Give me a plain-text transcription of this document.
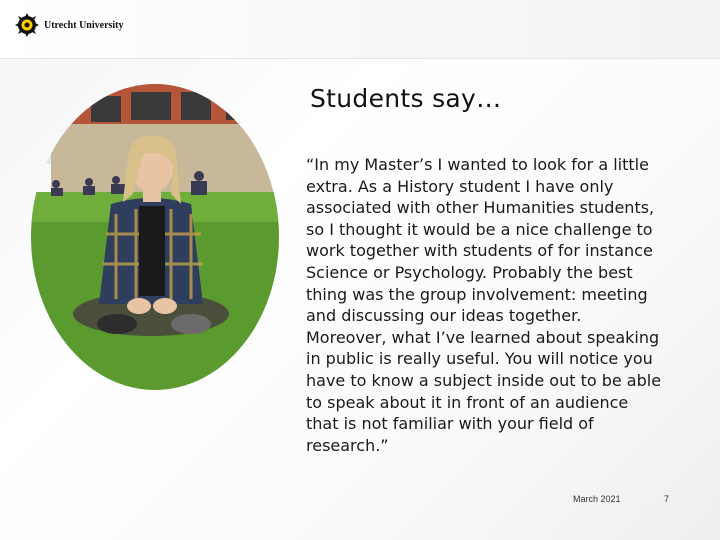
Utrecht University
Students say…
“In my Master’s I wanted to look for a little extra. As a History student I have only associated with other Humanities students, so I thought it would be a nice challenge to work together with students of for instance Science or Psychology. Probably the best thing was the group involvement: meeting and discussing our ideas together. Moreover, what I’ve learned about speaking in public is really useful. You will notice you have to know a subject inside out to be able to speak about it in front of an audience that is not familiar with your field of research.”
March 2021	7
